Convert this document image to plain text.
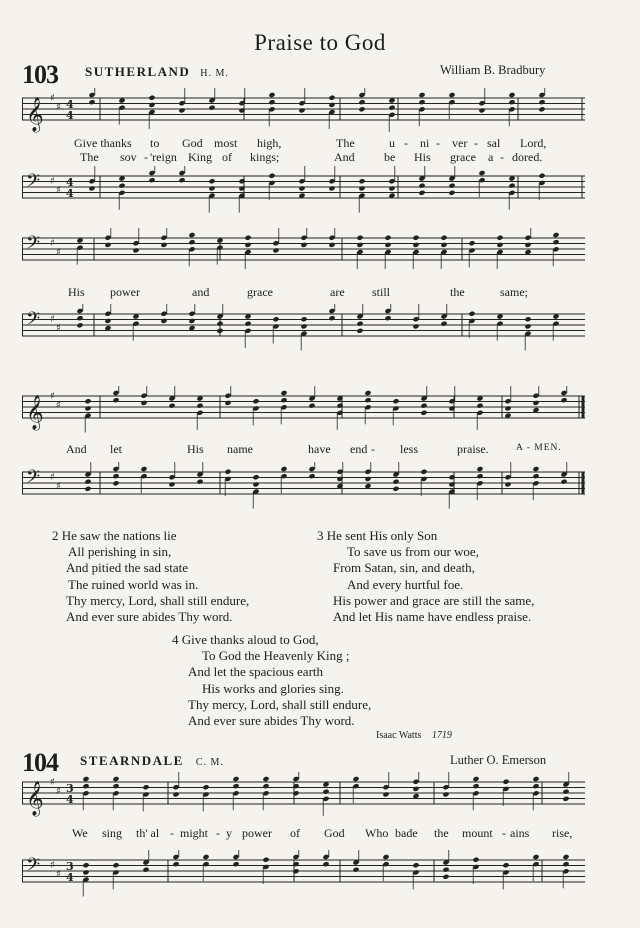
Praise to God
103 SUTHERLAND H. M.	William B. Bradbury
𝄞 ♯
♯ 4
4
Give thanks to God most high,	The	u - ni - ver - sal Lord,
The sov - 'reign King of kings;	And be His grace a - dored.
𝄢 ♯
♯
4
4
𝄢 ♯
♯
His power	and	grace	are still	the	same;
𝄢 ♯
♯
𝄞 ♯
♯
And let	His name	have end - less	praise.	A - MEN.
𝄢 ♯
♯
2 He saw the nations lie
All perishing in sin,
And pitied the sad state
The ruined world was in.
Thy mercy, Lord, shall still endure,
And ever sure abides Thy word.
3 He sent His only Son
To save us from our woe,
From Satan, sin, and death,
And every hurtful foe.
His power and grace are still the same,
And let His name have endless praise.
4 Give thanks aloud to God,
To God the Heavenly King ;
And let the spacious earth
His works and glories sing.
Thy mercy, Lord, shall still endure,
And ever sure abides Thy word.
Isaac Watts 1719
104 STEARNDALE C. M.	Luther O. Emerson
𝄞 ♯
♯ 3
4
We sing th' al - might - y power of God Who bade the mount - ains rise,
𝄢 ♯
♯
3
4
